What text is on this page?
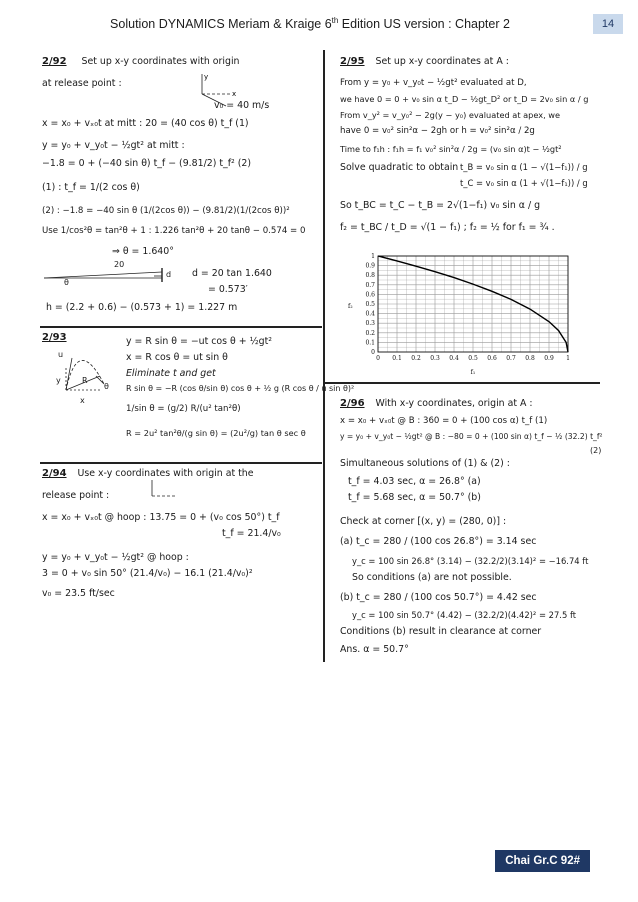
Solution DYNAMICS Meriam & Kraige 6th Edition US version : Chapter 2	14
2/92 Set up x-y coordinates with origin
at release point :
y
x
v₀ = 40 m/s
x = x₀ + vₓ₀t at mitt : 20 = (40 cos θ) t_f (1)
y = y₀ + v_y₀t − ½gt² at mitt :
−1.8 = 0 + (−40 sin θ) t_f − (9.81/2) t_f² (2)
(1) : t_f = 1/(2 cos θ)
(2) : −1.8 = −40 sin θ (1/(2cos θ)) − (9.81/2)(1/(2cos θ))²
Use 1/cos²θ = tan²θ + 1 : 1.226 tan²θ + 20 tanθ − 0.574 = 0
⇒ θ = 1.640°
20
θ
d d = 20 tan 1.640
= 0.573′
h = (2.2 + 0.6) − (0.573 + 1) = 1.227 m
2/93
u
R
θ
y
x
y = R sin θ = −ut cos θ + ½gt²
x = R cos θ = ut sin θ
Eliminate t and get
R sin θ = −R (cos θ/sin θ) cos θ + ½ g (R cos θ / u sin θ)²
1/sin θ = (g/2) R/(u² tan²θ)
R = 2u² tan²θ/(g sin θ) = (2u²/g) tan θ sec θ
2/94 Use x-y coordinates with origin at the
release point :
x = x₀ + vₓ₀t @ hoop : 13.75 = 0 + (v₀ cos 50°) t_f
t_f = 21.4/v₀
y = y₀ + v_y₀t − ½gt² @ hoop :
3 = 0 + v₀ sin 50° (21.4/v₀) − 16.1 (21.4/v₀)²
v₀ = 23.5 ft/sec
2/95 Set up x-y coordinates at A :
From y = y₀ + v_y₀t − ½gt² evaluated at D,
we have 0 = 0 + v₀ sin α t_D − ½gt_D² or t_D = 2v₀ sin α / g
From v_y² = v_y₀² − 2g(y − y₀) evaluated at apex, we
have 0 = v₀² sin²α − 2gh or h = v₀² sin²α / 2g
Time to f₁h : f₁h = f₁ v₀² sin²α / 2g = (v₀ sin α)t − ½gt²
Solve quadratic to obtain t_B = v₀ sin α (1 − √(1−f₁)) / g
t_C = v₀ sin α (1 + √(1−f₁)) / g
So t_BC = t_C − t_B = 2√(1−f₁) v₀ sin α / g
f₂ = t_BC / t_D = √(1 − f₁) ; f₂ = ½ for f₁ = ¾ .
0 0.1 0.2 0.3 0.4 0.5 0.6 0.7 0.8 0.9 1
0
0.1
0.2
0.3
0.4
0.5
0.6
0.7
0.8
0.9
1
f₁
f₂
2/96 With x-y coordinates, origin at A :
x = x₀ + vₓ₀t @ B : 360 = 0 + (100 cos α) t_f (1)
y = y₀ + v_y₀t − ½gt² @ B : −80 = 0 + (100 sin α) t_f − ½ (32.2) t_f²
(2)
Simultaneous solutions of (1) & (2) :
t_f = 4.03 sec, α = 26.8° (a)
t_f = 5.68 sec, α = 50.7° (b)
Check at corner [(x, y) = (280, 0)] :
(a) t_c = 280 / (100 cos 26.8°) = 3.14 sec
y_c = 100 sin 26.8° (3.14) − (32.2/2)(3.14)² = −16.74 ft
So conditions (a) are not possible.
(b) t_c = 280 / (100 cos 50.7°) = 4.42 sec
y_c = 100 sin 50.7° (4.42) − (32.2/2)(4.42)² = 27.5 ft
Conditions (b) result in clearance at corner
Ans. α = 50.7°
Chai Gr.C 92#
